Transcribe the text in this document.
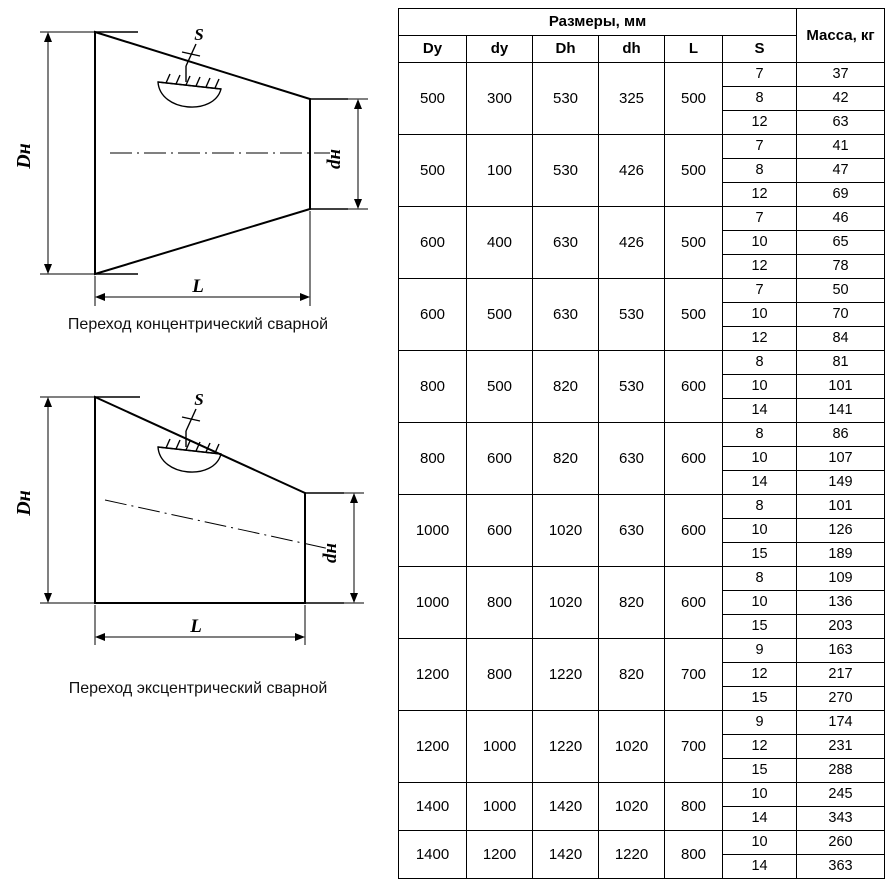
Dн	dн
L
S
Переход концентрический сварной
Dн
dн
L
S
Переход эксцентрический сварной
Размеры, мм						Масса, кг
Dy	dy	Dh	dh	L	S	
500	300	530	325	500	7	37
					8	42
					12	63
500	100	530	426	500	7	41
					8	47
					12	69
600	400	630	426	500	7	46
					10	65
					12	78
600	500	630	530	500	7	50
					10	70
					12	84
800	500	820	530	600	8	81
					10	101
					14	141
800	600	820	630	600	8	86
					10	107
					14	149
1000	600	1020	630	600	8	101
					10	126
					15	189
1000	800	1020	820	600	8	109
					10	136
					15	203
1200	800	1220	820	700	9	163
					12	217
					15	270
1200	1000	1220	1020	700	9	174
					12	231
					15	288
1400	1000	1420	1020	800	10	245
					14	343
1400	1200	1420	1220	800	10	260
					14	363
